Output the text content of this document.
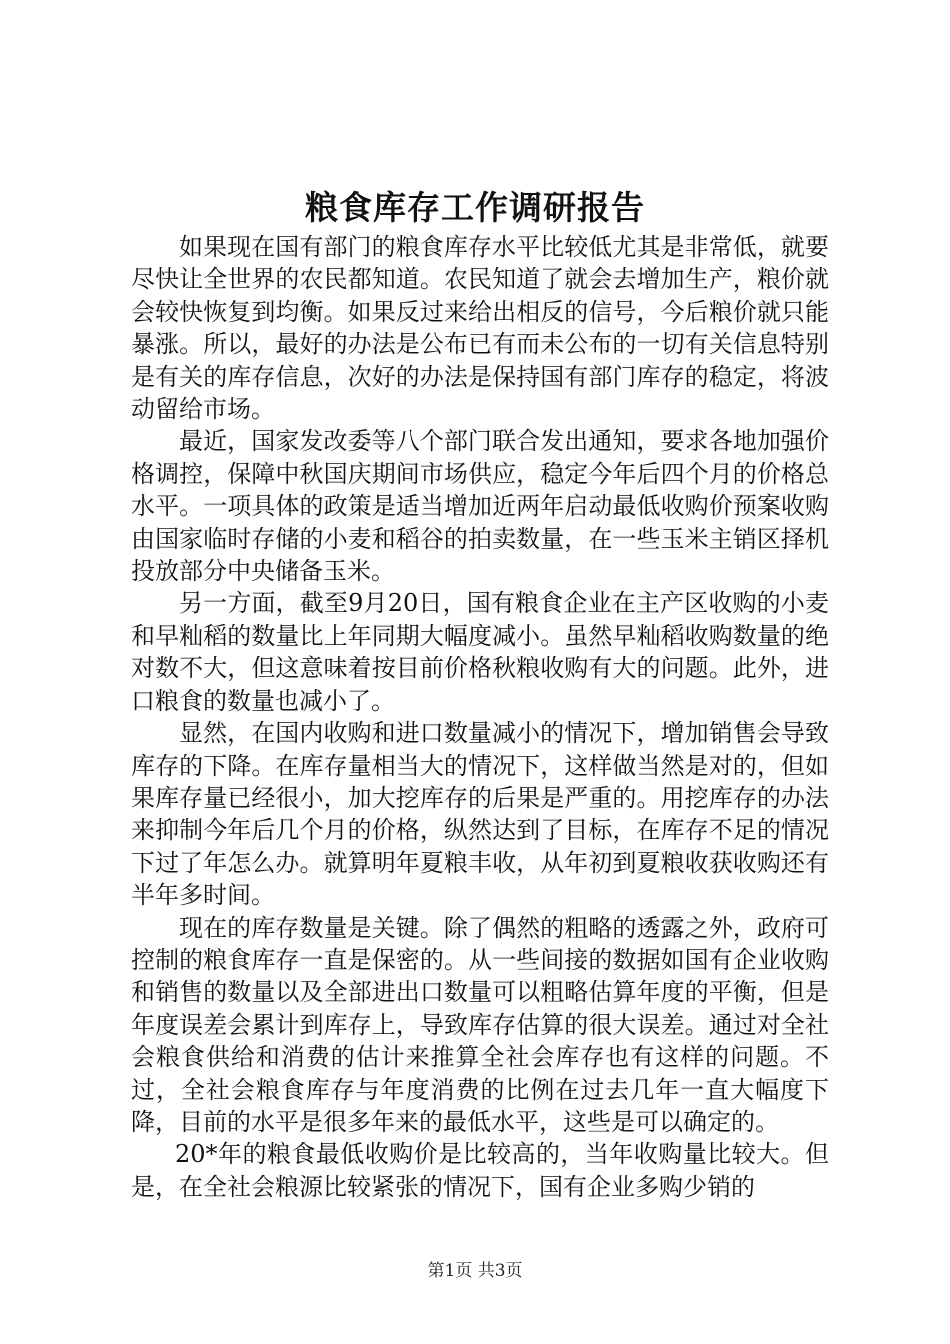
粮食库存工作调研报告

如果现在国有部门的粮食库存水平比较低尤其是非常低，就要尽快让全世界的农民都知道。农民知道了就会去增加生产，粮价就会较快恢复到均衡。如果反过来给出相反的信号，今后粮价就只能暴涨。所以，最好的办法是公布已有而未公布的一切有关信息特别是有关的库存信息，次好的办法是保持国有部门库存的稳定，将波动留给市场。

最近，国家发改委等八个部门联合发出通知，要求各地加强价格调控，保障中秋国庆期间市场供应，稳定今年后四个月的价格总水平。一项具体的政策是适当增加近两年启动最低收购价预案收购由国家临时存储的小麦和稻谷的拍卖数量，在一些玉米主销区择机投放部分中央储备玉米。

另一方面，截至9月20日，国有粮食企业在主产区收购的小麦和早籼稻的数量比上年同期大幅度减小。虽然早籼稻收购数量的绝对数不大，但这意味着按目前价格秋粮收购有大的问题。此外，进口粮食的数量也减小了。

显然，在国内收购和进口数量减小的情况下，增加销售会导致库存的下降。在库存量相当大的情况下，这样做当然是对的，但如果库存量已经很小，加大挖库存的后果是严重的。用挖库存的办法来抑制今年后几个月的价格，纵然达到了目标，在库存不足的情况下过了年怎么办。就算明年夏粮丰收，从年初到夏粮收获收购还有半年多时间。

现在的库存数量是关键。除了偶然的粗略的透露之外，政府可控制的粮食库存一直是保密的。从一些间接的数据如国有企业收购和销售的数量以及全部进出口数量可以粗略估算年度的平衡，但是年度误差会累计到库存上，导致库存估算的很大误差。通过对全社会粮食供给和消费的估计来推算全社会库存也有这样的问题。不过，全社会粮食库存与年度消费的比例在过去几年一直大幅度下降，目前的水平是很多年来的最低水平，这些是可以确定的。

20*年的粮食最低收购价是比较高的，当年收购量比较大。但是，在全社会粮源比较紧张的情况下，国有企业多购少销的

第1页 共3页
